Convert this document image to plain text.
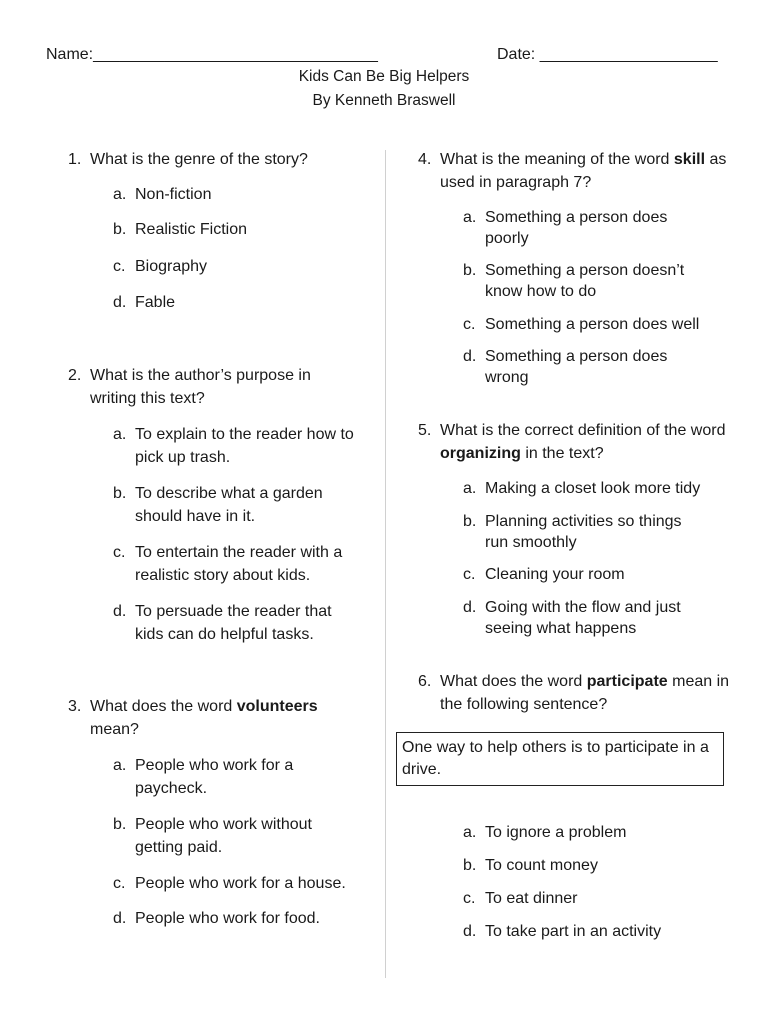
Name:________________________________	Date: ____________________
Kids Can Be Big Helpers
By Kenneth Braswell
1. What is the genre of the story?
a. Non-fiction
b. Realistic Fiction
c. Biography
d. Fable
2. What is the author’s purpose in writing this text?
a. To explain to the reader how to pick up trash.
b. To describe what a garden should have in it.
c. To entertain the reader with a realistic story about kids.
d. To persuade the reader that kids can do helpful tasks.
3. What does the word volunteers mean?
a. People who work for a paycheck.
b. People who work without getting paid.
c. People who work for a house.
d. People who work for food.
4. What is the meaning of the word skill as used in paragraph 7?
a. Something a person does poorly
b. Something a person doesn’t know how to do
c. Something a person does well
d. Something a person does wrong
5. What is the correct definition of the word organizing in the text?
a. Making a closet look more tidy
b. Planning activities so things run smoothly
c. Cleaning your room
d. Going with the flow and just seeing what happens
6. What does the word participate mean in the following sentence?
One way to help others is to participate in a drive.
a. To ignore a problem
b. To count money
c. To eat dinner
d. To take part in an activity
